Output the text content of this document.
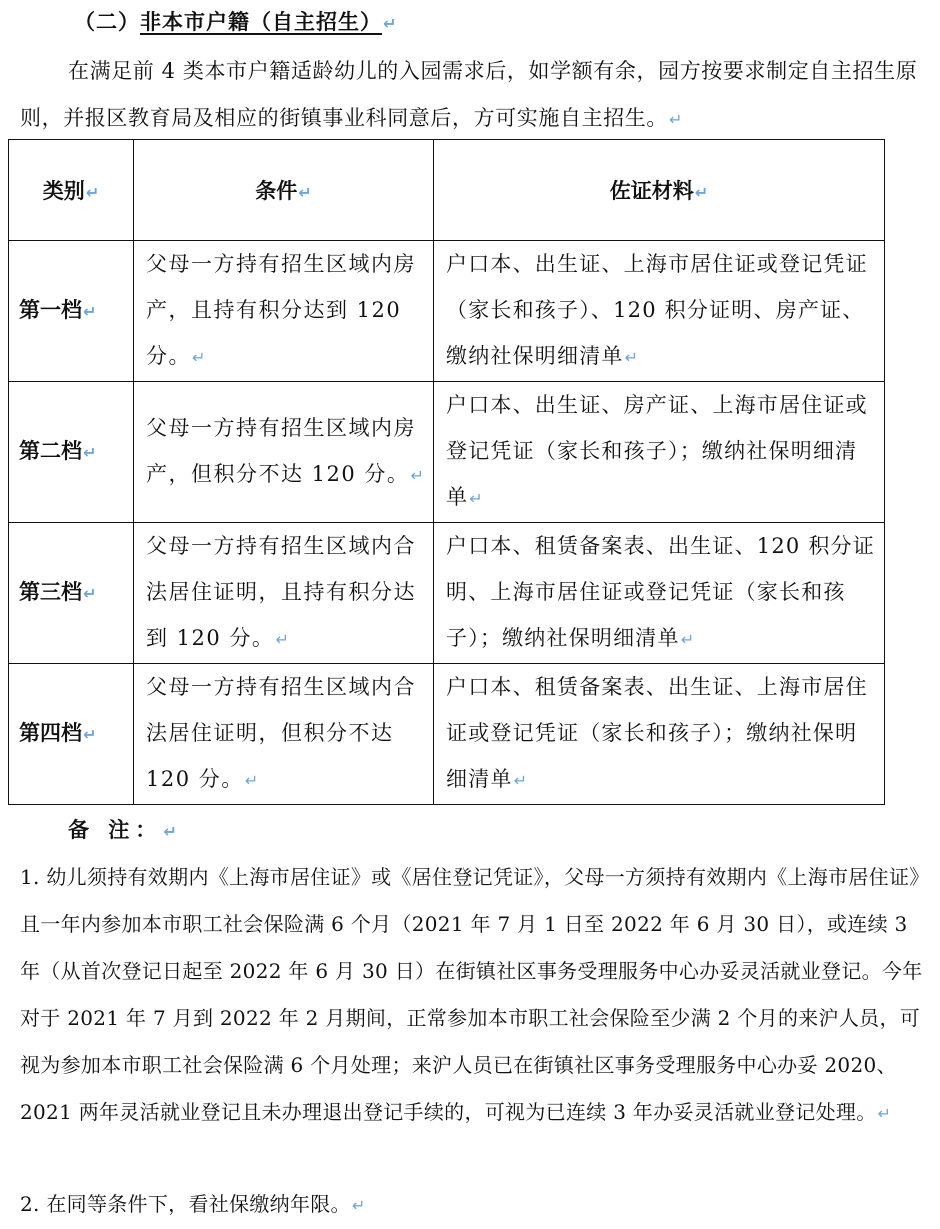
（二）非本市户籍（自主招生）↵
在满足前 4 类本市户籍适龄幼儿的入园需求后，如学额有余，园方按要求制定自主招生原则，并报区教育局及相应的街镇事业科同意后，方可实施自主招生。↵
类别↵	条件↵	佐证材料↵
第一档↵	父母一方持有招生区域内房产，且持有积分达到 120 分。↵	户口本、出生证、上海市居住证或登记凭证（家长和孩子）、120 积分证明、房产证、缴纳社保明细清单↵
第二档↵	父母一方持有招生区域内房产，但积分不达 120 分。↵	户口本、出生证、房产证、上海市居住证或登记凭证（家长和孩子）；缴纳社保明细清单↵
第三档↵	父母一方持有招生区域内合法居住证明，且持有积分达到 120 分。↵	户口本、租赁备案表、出生证、120 积分证明、上海市居住证或登记凭证（家长和孩子）；缴纳社保明细清单↵
第四档↵	父母一方持有招生区域内合法居住证明，但积分不达 120 分。↵	户口本、租赁备案表、出生证、上海市居住证或登记凭证（家长和孩子）；缴纳社保明细清单↵
备 注：↵
1. 幼儿须持有效期内《上海市居住证》或《居住登记凭证》，父母一方须持有效期内《上海市居住证》且一年内参加本市职工社会保险满 6 个月（2021 年 7 月 1 日至 2022 年 6 月 30 日），或连续 3 年（从首次登记日起至 2022 年 6 月 30 日）在街镇社区事务受理服务中心办妥灵活就业登记。今年对于 2021 年 7 月到 2022 年 2 月期间，正常参加本市职工社会保险至少满 2 个月的来沪人员，可视为参加本市职工社会保险满 6 个月处理；来沪人员已在街镇社区事务受理服务中心办妥 2020、2021 两年灵活就业登记且未办理退出登记手续的，可视为已连续 3 年办妥灵活就业登记处理。↵
2. 在同等条件下，看社保缴纳年限。↵
